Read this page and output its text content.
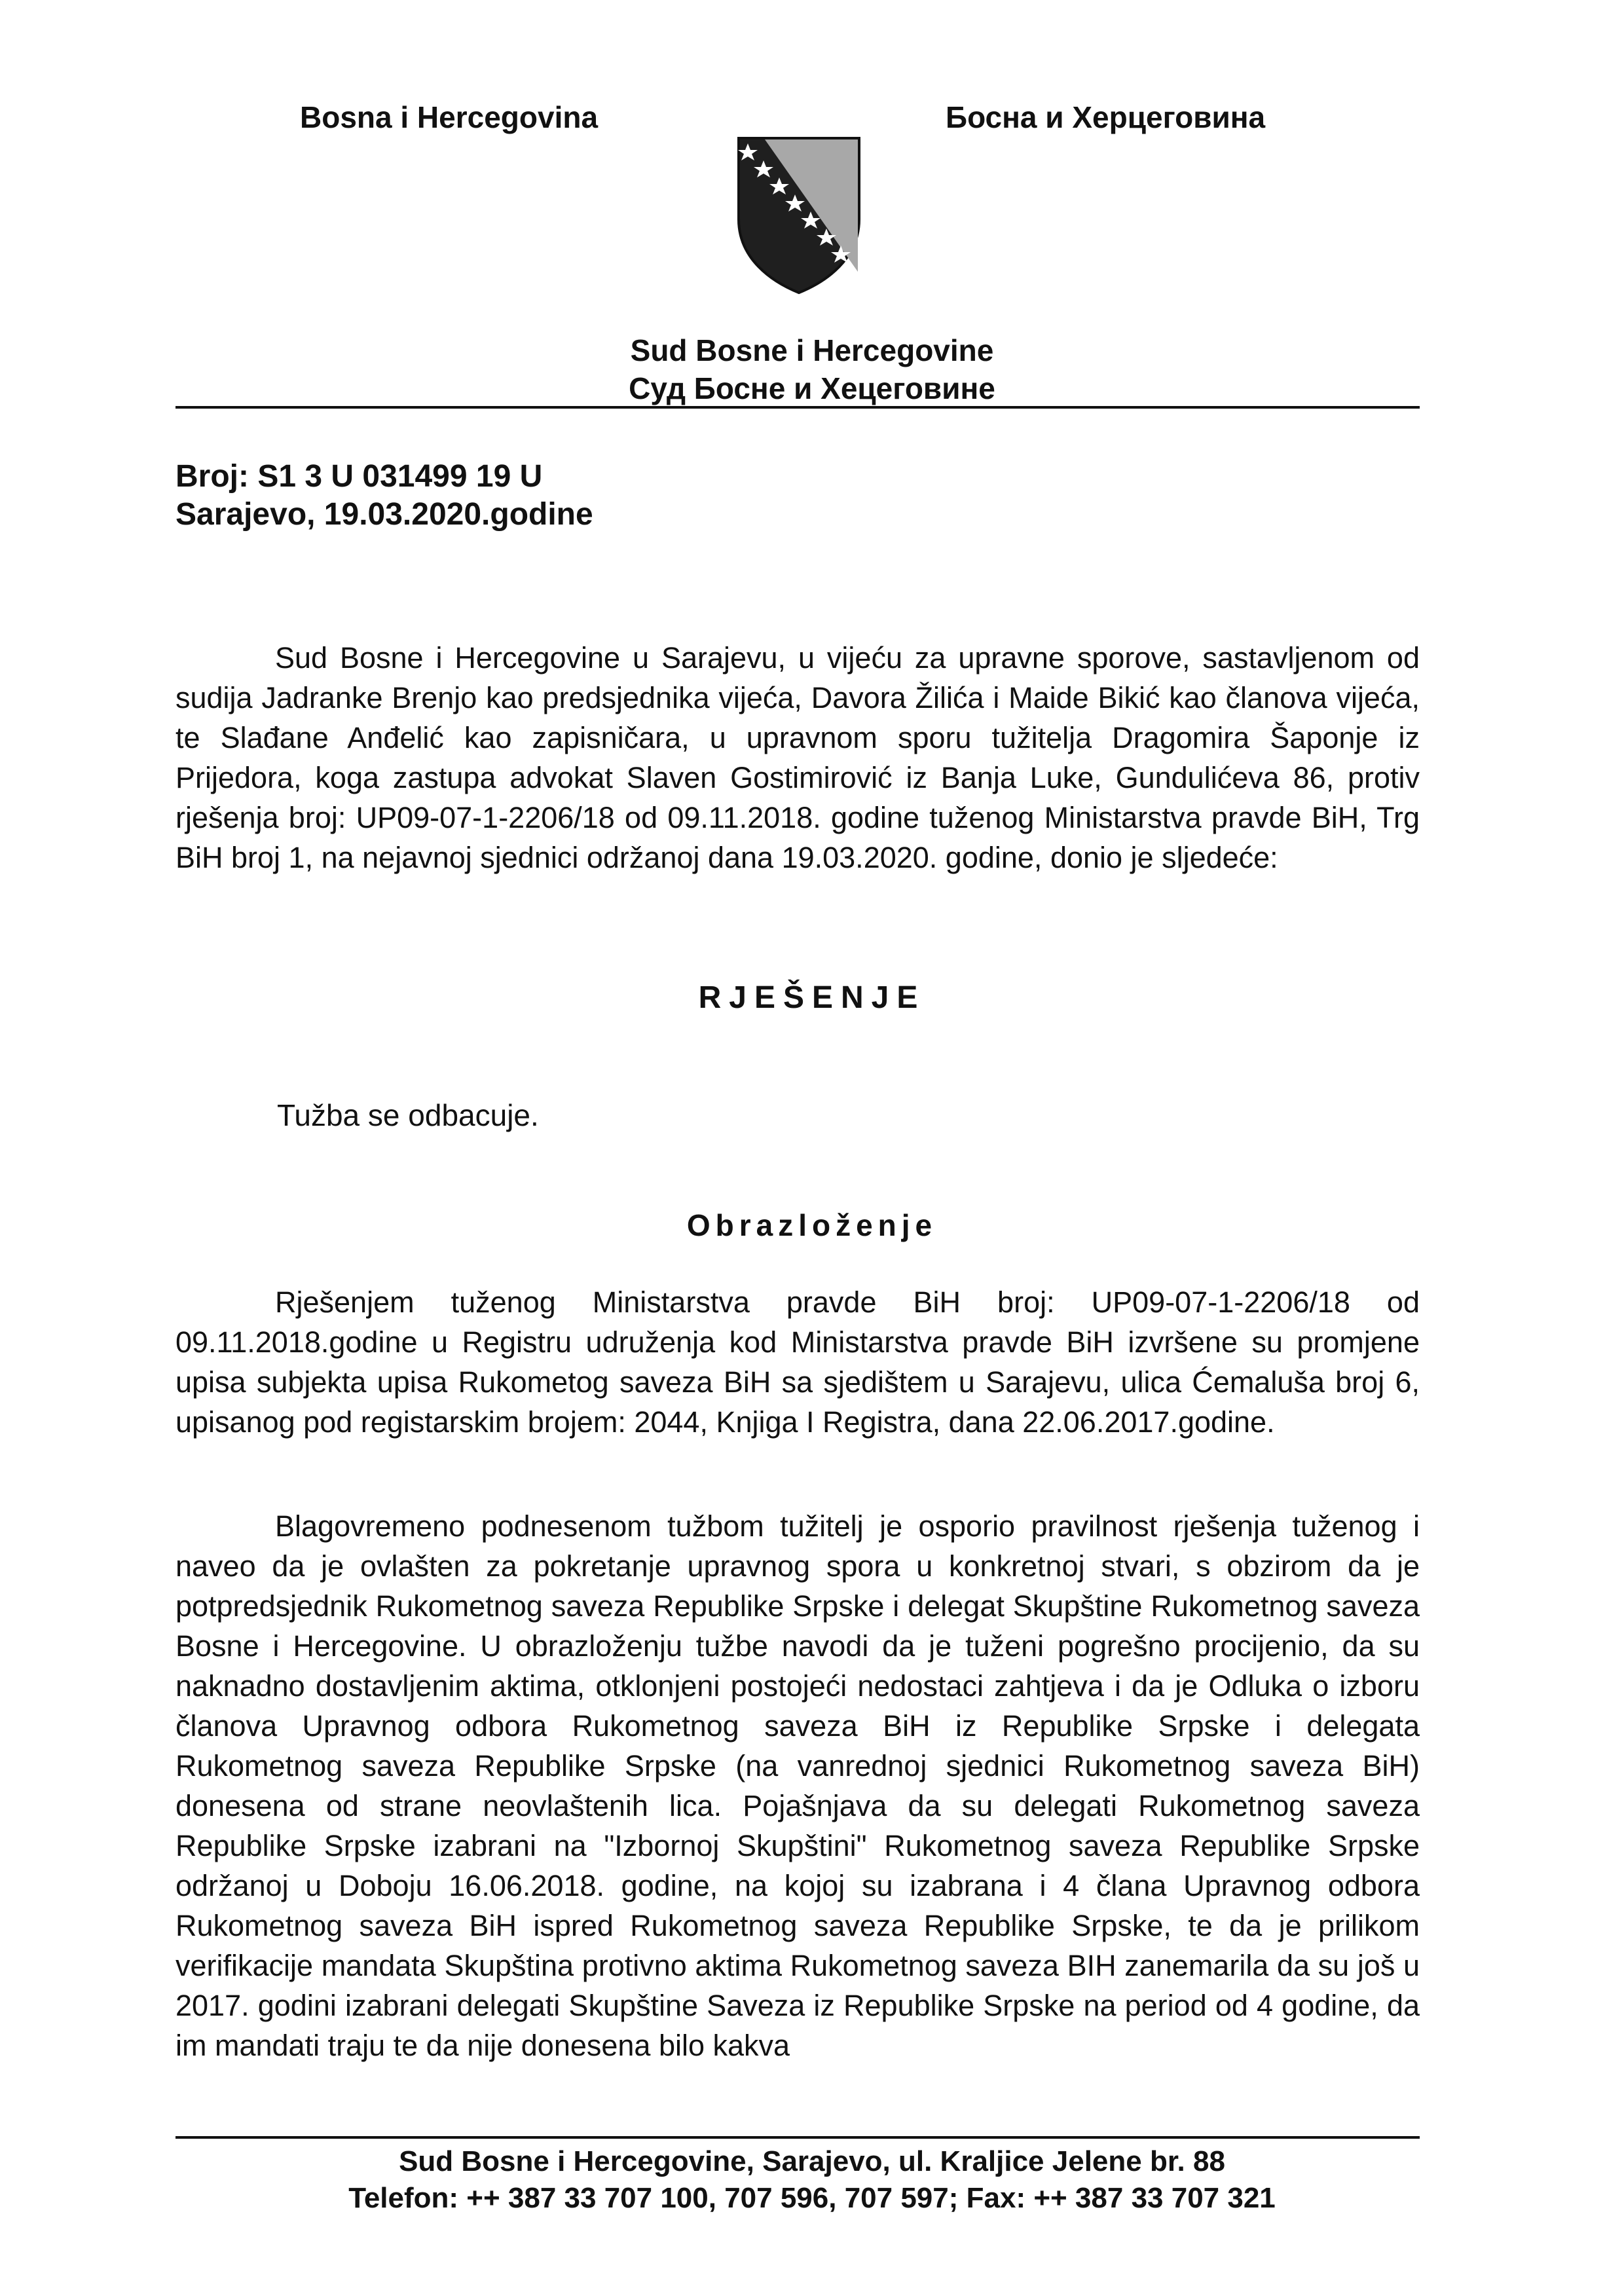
Bosna i Hercegovina	Босна и Херцеговина
Sud Bosne i Hercegovine
Суд Босне и Хецеговине
Broj: S1 3 U 031499 19 U
Sarajevo, 19.03.2020.godine
Sud Bosne i Hercegovine u Sarajevu, u vijeću za upravne sporove, sastavljenom od sudija Jadranke Brenjo kao predsjednika vijeća, Davora Žilića i Maide Bikić kao članova vijeća, te Slađane Anđelić kao zapisničara, u upravnom sporu tužitelja Dragomira Šaponje iz Prijedora, koga zastupa advokat Slaven Gostimirović iz Banja Luke, Gundulićeva 86, protiv rješenja broj: UP09-07-1-2206/18 od 09.11.2018. godine tuženog Ministarstva pravde BiH, Trg BiH broj 1, na nejavnoj sjednici održanoj dana 19.03.2020. godine, donio je sljedeće:
RJEŠENJE
Tužba se odbacuje.
Obrazloženje
Rješenjem tuženog Ministarstva pravde BiH broj: UP09-07-1-2206/18 od 09.11.2018.godine u Registru udruženja kod Ministarstva pravde BiH izvršene su promjene upisa subjekta upisa Rukometog saveza BiH sa sjedištem u Sarajevu, ulica Ćemaluša broj 6, upisanog pod registarskim brojem: 2044, Knjiga I Registra, dana 22.06.2017.godine.
Blagovremeno podnesenom tužbom tužitelj je osporio pravilnost rješenja tuženog i naveo da je ovlašten za pokretanje upravnog spora u konkretnoj stvari, s obzirom da je potpredsjednik Rukometnog saveza Republike Srpske i delegat Skupštine Rukometnog saveza Bosne i Hercegovine. U obrazloženju tužbe navodi da je tuženi pogrešno procijenio, da su naknadno dostavljenim aktima, otklonjeni postojeći nedostaci zahtjeva i da je Odluka o izboru članova Upravnog odbora Rukometnog saveza BiH iz Republike Srpske i delegata Rukometnog saveza Republike Srpske (na vanrednoj sjednici Rukometnog saveza BiH) donesena od strane neovlaštenih lica. Pojašnjava da su delegati Rukometnog saveza Republike Srpske izabrani na "Izbornoj Skupštini" Rukometnog saveza Republike Srpske održanoj u Doboju 16.06.2018. godine, na kojoj su izabrana i 4 člana Upravnog odbora Rukometnog saveza BiH ispred Rukometnog saveza Republike Srpske, te da je prilikom verifikacije mandata Skupština protivno aktima Rukometnog saveza BIH zanemarila da su još u 2017. godini izabrani delegati Skupštine Saveza iz Republike Srpske na period od 4 godine, da im mandati traju te da nije donesena bilo kakva
Sud Bosne i Hercegovine, Sarajevo, ul. Kraljice Jelene br. 88
Telefon: ++ 387 33 707 100, 707 596, 707 597; Fax: ++ 387 33 707 321
